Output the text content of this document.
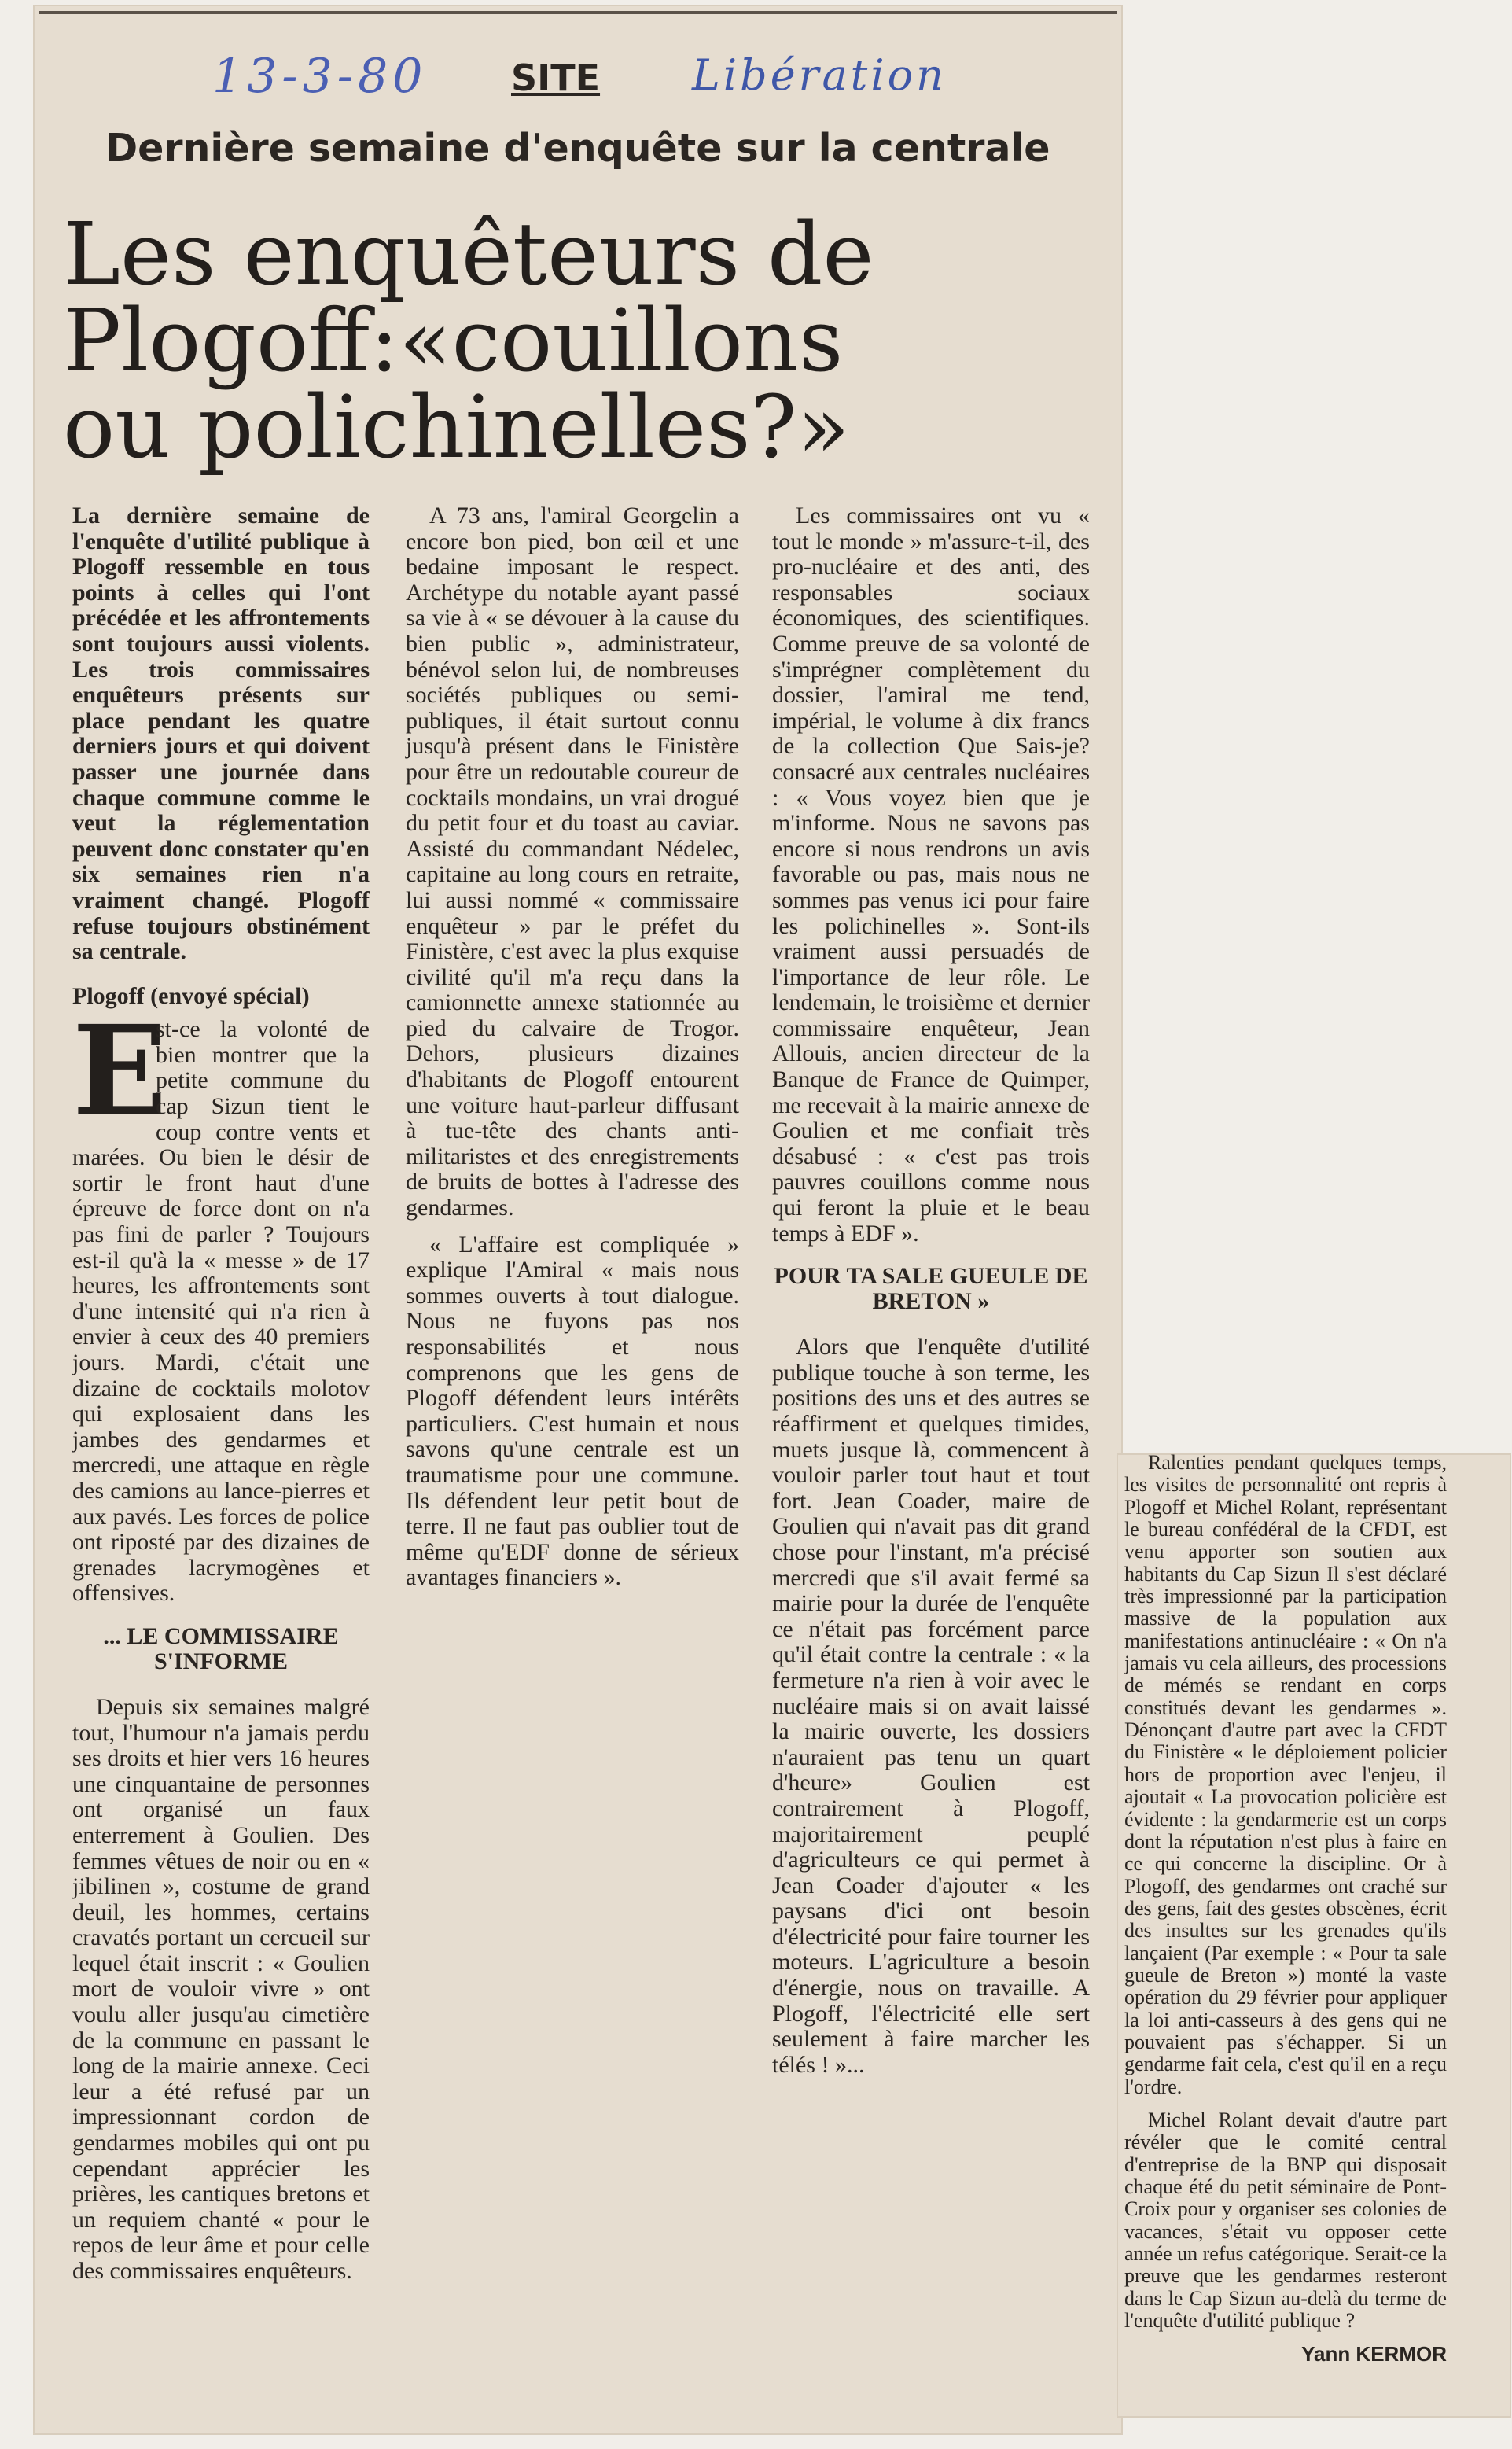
13-3-80 SITE Libération
Dernière semaine d'enquête sur la centrale
Les enquêteurs de
Plogoff:«couillons
ou polichinelles?»

La dernière semaine de l'enquête d'utilité publique à Plogoff ressemble en tous points à celles qui l'ont précédée et les affrontements sont toujours aussi violents. Les trois commissaires enquêteurs présents sur place pendant les quatre derniers jours et qui doivent passer une journée dans chaque commune comme le veut la réglementation peuvent donc constater qu'en six semaines rien n'a vraiment changé. Plogoff refuse toujours obstinément sa centrale.

Plogoff (envoyé spécial)

E
st-ce la volonté de bien montrer que la petite commune du cap Sizun tient le coup contre vents et marées. Ou bien le désir de sortir le front haut d'une épreuve de force dont on n'a pas fini de parler ? Toujours est-il qu'à la « messe » de 17 heures, les affrontements sont d'une intensité qui n'a rien à envier à ceux des 40 premiers jours. Mardi, c'était une dizaine de cocktails molotov qui explosaient dans les jambes des gendarmes et mercredi, une attaque en règle des camions au lance-pierres et aux pavés. Les forces de police ont riposté par des dizaines de grenades lacrymogènes et offensives.

... LE COMMISSAIRE S'INFORME

Depuis six semaines malgré tout, l'humour n'a jamais perdu ses droits et hier vers 16 heures une cinquantaine de personnes ont organisé un faux enterrement à Goulien. Des femmes vêtues de noir ou en « jibilinen », costume de grand deuil, les hommes, certains cravatés portant un cercueil sur lequel était inscrit : « Goulien mort de vouloir vivre » ont voulu aller jusqu'au cimetière de la commune en passant le long de la mairie annexe. Ceci leur a été refusé par un impressionnant cordon de gendarmes mobiles qui ont pu cependant apprécier les prières, les cantiques bretons et un requiem chanté « pour le repos de leur âme et pour celle des commissaires enquêteurs.

A 73 ans, l'amiral Georgelin a encore bon pied, bon œil et une bedaine imposant le respect. Archétype du notable ayant passé sa vie à « se dévouer à la cause du bien public », administrateur, bénévol selon lui, de nombreuses sociétés publiques ou semi-publiques, il était surtout connu jusqu'à présent dans le Finistère pour être un redoutable coureur de cocktails mondains, un vrai drogué du petit four et du toast au caviar. Assisté du commandant Nédelec, capitaine au long cours en retraite, lui aussi nommé « commissaire enquêteur » par le préfet du Finistère, c'est avec la plus exquise civilité qu'il m'a reçu dans la camionnette annexe stationnée au pied du calvaire de Trogor. Dehors, plusieurs dizaines d'habitants de Plogoff entourent une voiture haut-parleur diffusant à tue-tête des chants anti-militaristes et des enregistrements de bruits de bottes à l'adresse des gendarmes.

« L'affaire est compliquée » explique l'Amiral « mais nous sommes ouverts à tout dialogue. Nous ne fuyons pas nos responsabilités et nous comprenons que les gens de Plogoff défendent leurs intérêts particuliers. C'est humain et nous savons qu'une centrale est un traumatisme pour une commune. Ils défendent leur petit bout de terre. Il ne faut pas oublier tout de même qu'EDF donne de sérieux avantages financiers ».

Les commissaires ont vu « tout le monde » m'assure-t-il, des pro-nucléaire et des anti, des responsables sociaux économiques, des scientifiques. Comme preuve de sa volonté de s'imprégner complètement du dossier, l'amiral me tend, impérial, le volume à dix francs de la collection Que Sais-je? consacré aux centrales nucléaires : « Vous voyez bien que je m'informe. Nous ne savons pas encore si nous rendrons un avis favorable ou pas, mais nous ne sommes pas venus ici pour faire les polichinelles ». Sont-ils vraiment aussi persuadés de l'importance de leur rôle. Le lendemain, le troisième et dernier commissaire enquêteur, Jean Allouis, ancien directeur de la Banque de France de Quimper, me recevait à la mairie annexe de Goulien et me confiait très désabusé : « c'est pas trois pauvres couillons comme nous qui feront la pluie et le beau temps à EDF ».

POUR TA SALE GUEULE DE BRETON »

Alors que l'enquête d'utilité publique touche à son terme, les positions des uns et des autres se réaffirment et quelques timides, muets jusque là, commencent à vouloir parler tout haut et tout fort. Jean Coader, maire de Goulien qui n'avait pas dit grand chose pour l'instant, m'a précisé mercredi que s'il avait fermé sa mairie pour la durée de l'enquête ce n'était pas forcément parce qu'il était contre la centrale : « la fermeture n'a rien à voir avec le nucléaire mais si on avait laissé la mairie ouverte, les dossiers n'auraient pas tenu un quart d'heure» Goulien est contrairement à Plogoff, majoritairement peuplé d'agriculteurs ce qui permet à Jean Coader d'ajouter « les paysans d'ici ont besoin d'électricité pour faire tourner les moteurs. L'agriculture a besoin d'énergie, nous on travaille. A Plogoff, l'électricité elle sert seulement à faire marcher les télés ! »...

Ralenties pendant quelques temps, les visites de personnalité ont repris à Plogoff et Michel Rolant, représentant le bureau confédéral de la CFDT, est venu apporter son soutien aux habitants du Cap Sizun Il s'est déclaré très impressionné par la participation massive de la population aux manifestations antinucléaire : « On n'a jamais vu cela ailleurs, des processions de mémés se rendant en corps constitués devant les gendarmes ». Dénonçant d'autre part avec la CFDT du Finistère « le déploiement policier hors de proportion avec l'enjeu, il ajoutait « La provocation policière est évidente : la gendarmerie est un corps dont la réputation n'est plus à faire en ce qui concerne la discipline. Or à Plogoff, des gendarmes ont craché sur des gens, fait des gestes obscènes, écrit des insultes sur les grenades qu'ils lançaient (Par exemple : « Pour ta sale gueule de Breton ») monté la vaste opération du 29 février pour appliquer la loi anti-casseurs à des gens qui ne pouvaient pas s'échapper. Si un gendarme fait cela, c'est qu'il en a reçu l'ordre.

Michel Rolant devait d'autre part révéler que le comité central d'entreprise de la BNP qui disposait chaque été du petit séminaire de Pont-Croix pour y organiser ses colonies de vacances, s'était vu opposer cette année un refus catégorique. Serait-ce la preuve que les gendarmes resteront dans le Cap Sizun au-delà du terme de l'enquête d'utilité publique ?

Yann KERMOR
